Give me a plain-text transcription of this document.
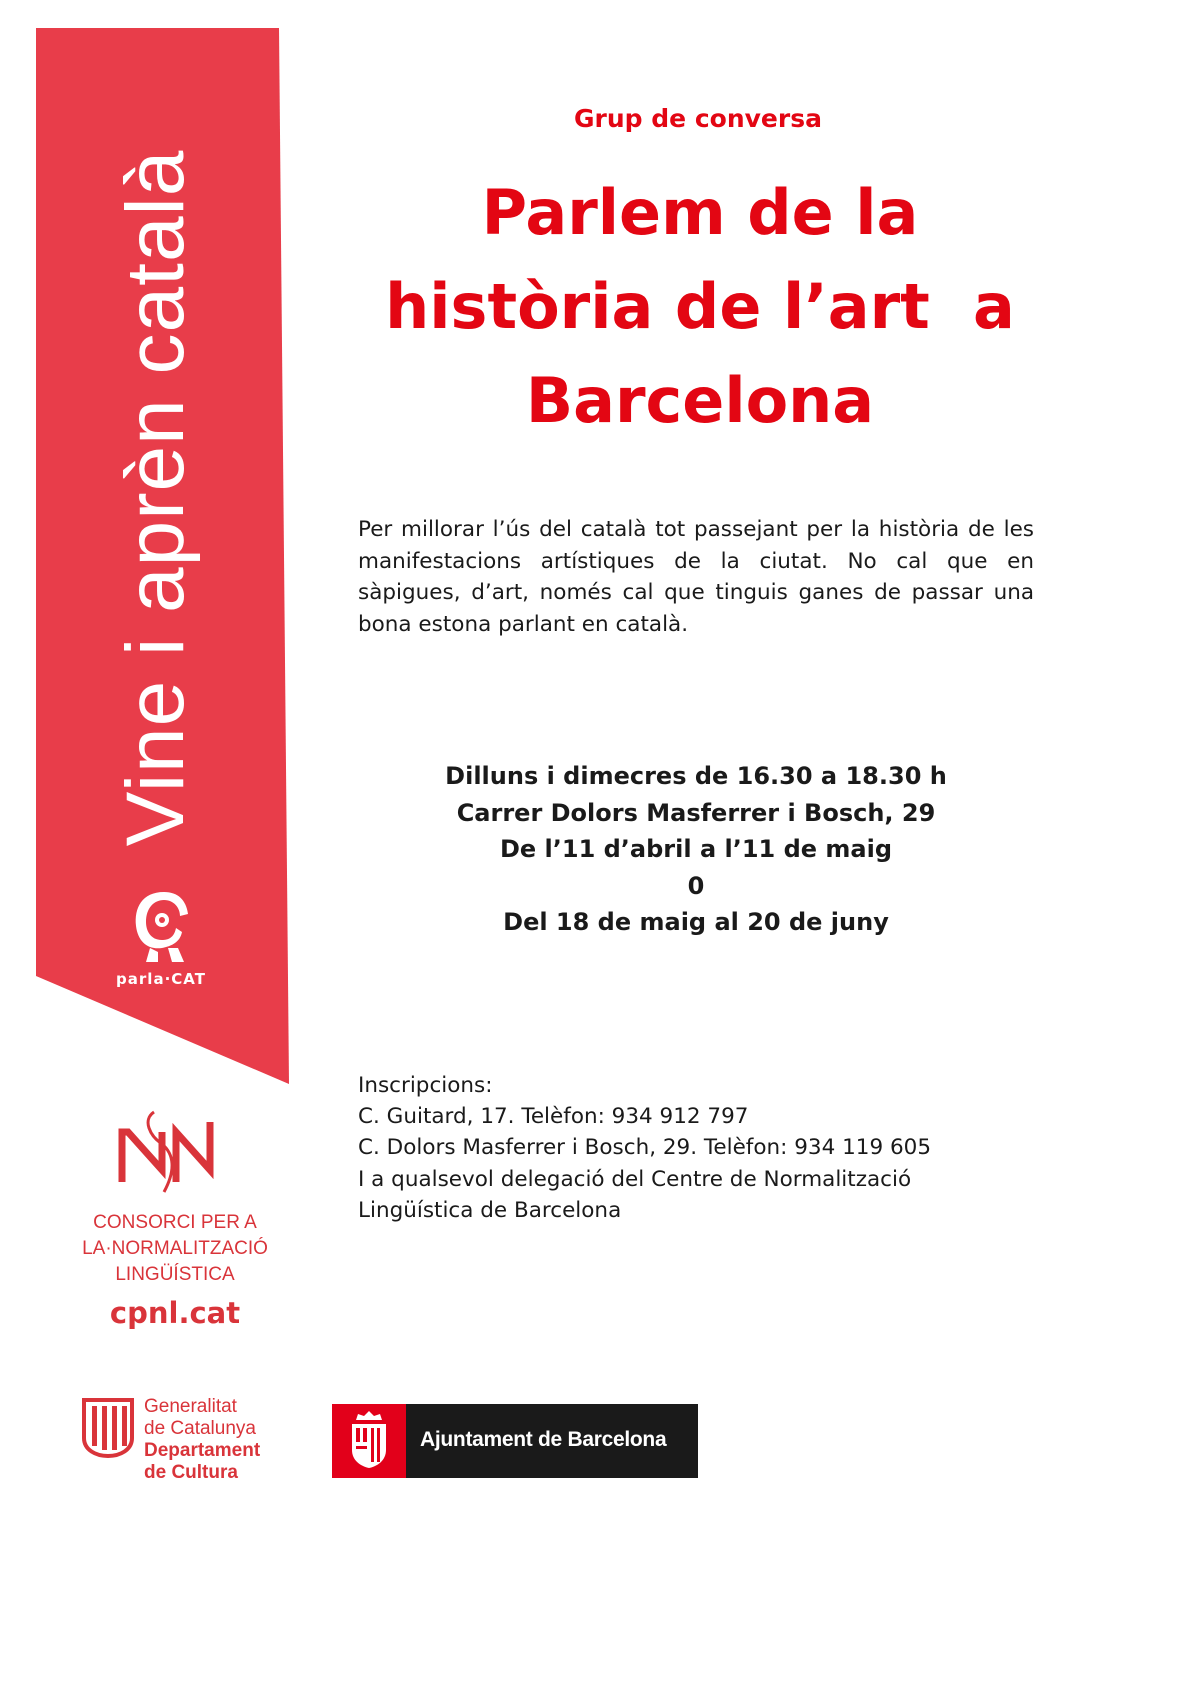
Vine i aprèn català
parla·CAT
CONSORCI PER A
LA·NORMALITZACIÓ
LINGÜÍSTICA
cpnl.cat
Generalitat
de Catalunya
Departament
de Cultura
Ajuntament de Barcelona
Grup de conversa
Parlem de la
història de l’art  a
Barcelona
Per millorar l’ús del català tot passejant per la història de les manifestacions artístiques de la ciutat. No cal que en sàpigues, d’art, només cal que tinguis ganes de passar una bona estona parlant en català.
Dilluns i dimecres de 16.30 a 18.30 h
Carrer Dolors Masferrer i Bosch, 29
De l’11 d’abril a l’11 de maig
0
Del 18 de maig al 20 de juny
Inscripcions:
C. Guitard, 17. Telèfon: 934 912 797
C. Dolors Masferrer i Bosch, 29. Telèfon: 934 119 605
I a qualsevol delegació del Centre de Normalització
Lingüística de Barcelona
